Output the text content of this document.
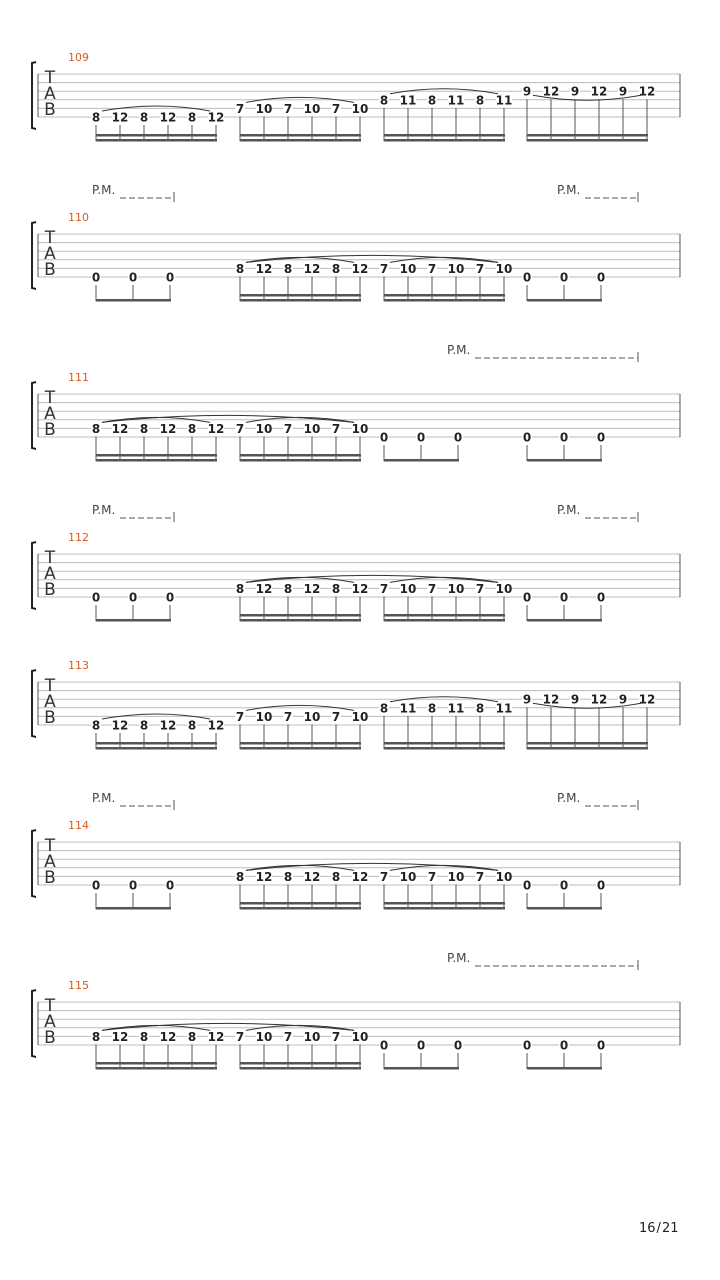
T
A
B
109
8 12 8 12 8 12
7 10 7 10 7 10
8 11 8 11 8 11
9 12 9 12 9 12
T
A
B
110
P.M.	P.M.
0 0 0
8 12 8 12 8 12 7 10 7 10 7 10
0 0 0
T
A
B
111
P.M.
8 12 8 12 8 12 7 10 7 10 7 10
0 0 0	0 0 0
T
A
B
112
P.M.	P.M.
0 0 0
8 12 8 12 8 12 7 10 7 10 7 10
0 0 0
T
A
B
113
8 12 8 12 8 12
7 10 7 10 7 10
8 11 8 11 8 11
9 12 9 12 9 12
T
A
B
114
P.M.	P.M.
0 0 0
8 12 8 12 8 12 7 10 7 10 7 10
0 0 0
T
A
B
115
P.M.
8 12 8 12 8 12 7 10 7 10 7 10
0 0 0	0 0 0
16/21
